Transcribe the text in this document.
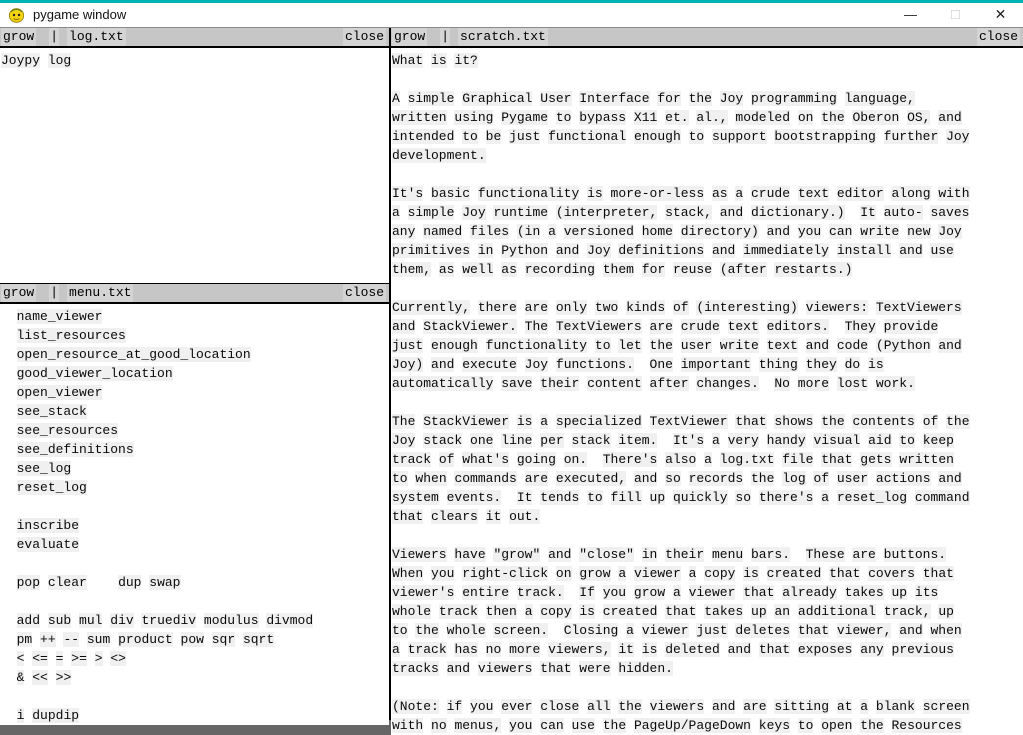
pygame window	—	□	✕
grow | log.txt	close
Joypy log
grow | menu.txt	close
name_viewer
list_resources
open_resource_at_good_location
good_viewer_location
open_viewer
see_stack
see_resources
see_definitions
see_log
reset_log

inscribe
evaluate

pop clear dup swap

add sub mul div truediv modulus divmod
pm ++ -- sum product pow sqr sqrt
< <= = >= > <>
& << >>

i dupdip
grow | scratch.txt	close
What is it?

A simple Graphical User Interface for the Joy programming language,
written using Pygame to bypass X11 et. al., modeled on the Oberon OS, and
intended to be just functional enough to support bootstrapping further Joy
development.

It's basic functionality is more-or-less as a crude text editor along with
a simple Joy runtime (interpreter, stack, and dictionary.) It auto- saves
any named files (in a versioned home directory) and you can write new Joy
primitives in Python and Joy definitions and immediately install and use
them, as well as recording them for reuse (after restarts.)

Currently, there are only two kinds of (interesting) viewers: TextViewers
and StackViewer. The TextViewers are crude text editors. They provide
just enough functionality to let the user write text and code (Python and
Joy) and execute Joy functions. One important thing they do is
automatically save their content after changes. No more lost work.

The StackViewer is a specialized TextViewer that shows the contents of the
Joy stack one line per stack item. It's a very handy visual aid to keep
track of what's going on. There's also a log.txt file that gets written
to when commands are executed, and so records the log of user actions and
system events. It tends to fill up quickly so there's a reset_log command
that clears it out.

Viewers have "grow" and "close" in their menu bars. These are buttons.
When you right-click on grow a viewer a copy is created that covers that
viewer's entire track. If you grow a viewer that already takes up its
whole track then a copy is created that takes up an additional track, up
to the whole screen. Closing a viewer just deletes that viewer, and when
a track has no more viewers, it is deleted and that exposes any previous
tracks and viewers that were hidden.

(Note: if you ever close all the viewers and are sitting at a blank screen
with no menus, you can use the PageUp/PageDown keys to open the Resources
